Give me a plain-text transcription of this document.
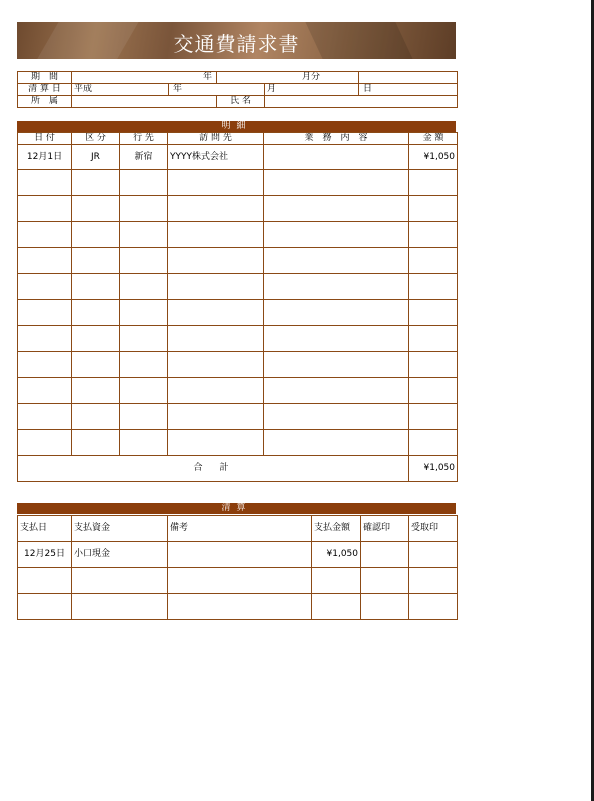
交通費請求書
期　間	年		月分		
清 算 日	平成	年		月	日
所　属			氏 名		
明細
日 付	区 分	行 先	訪 問 先	業　務　内　容	金 額
12月1日	JR	新宿	YYYY株式会社		¥1,050

合　計					¥1,050
清算
支払日	支払資金	備考	支払金額	確認印	受取印
12月25日	小口現金		¥1,050		
